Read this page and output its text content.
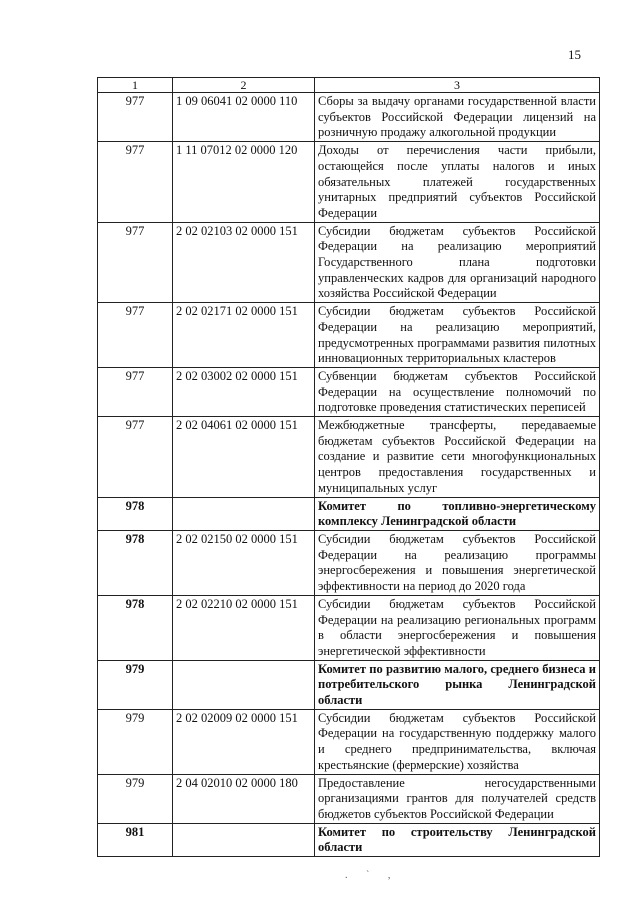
15
1	2	3
977	1 09 06041 02 0000 110	Сборы за выдачу органами государственной власти субъектов Российской Федерации лицензий на розничную продажу алкогольной продукции
977	1 11 07012 02 0000 120	Доходы от перечисления части прибыли, остающейся после уплаты налогов и иных обязательных платежей государственных унитарных предприятий субъектов Российской Федерации
977	2 02 02103 02 0000 151	Субсидии бюджетам субъектов Российской Федерации на реализацию мероприятий Государственного плана подготовки управленческих кадров для организаций народного хозяйства Российской Федерации
977	2 02 02171 02 0000 151	Субсидии бюджетам субъектов Российской Федерации на реализацию мероприятий, предусмотренных программами развития пилотных инновационных территориальных кластеров
977	2 02 03002 02 0000 151	Субвенции бюджетам субъектов Российской Федерации на осуществление полномочий по подготовке проведения статистических переписей
977	2 02 04061 02 0000 151	Межбюджетные трансферты, передаваемые бюджетам субъектов Российской Федерации на создание и развитие сети многофункциональных центров предоставления государственных и муниципальных услуг
978		Комитет по топливно-энергетическому комплексу Ленинградской области
978	2 02 02150 02 0000 151	Субсидии бюджетам субъектов Российской Федерации на реализацию программы энергосбережения и повышения энергетической эффективности на период до 2020 года
978	2 02 02210 02 0000 151	Субсидии бюджетам субъектов Российской Федерации на реализацию региональных программ в области энергосбережения и повышения энергетической эффективности
979		Комитет по развитию малого, среднего бизнеса и потребительского рынка Ленинградской области
979	2 02 02009 02 0000 151	Субсидии бюджетам субъектов Российской Федерации на государственную поддержку малого и среднего предпринимательства, включая крестьянские (фермерские) хозяйства
979	2 04 02010 02 0000 180	Предоставление негосударственными организациями грантов для получателей средств бюджетов субъектов Российской Федерации
981		Комитет по строительству Ленинградской области
. ` ,
